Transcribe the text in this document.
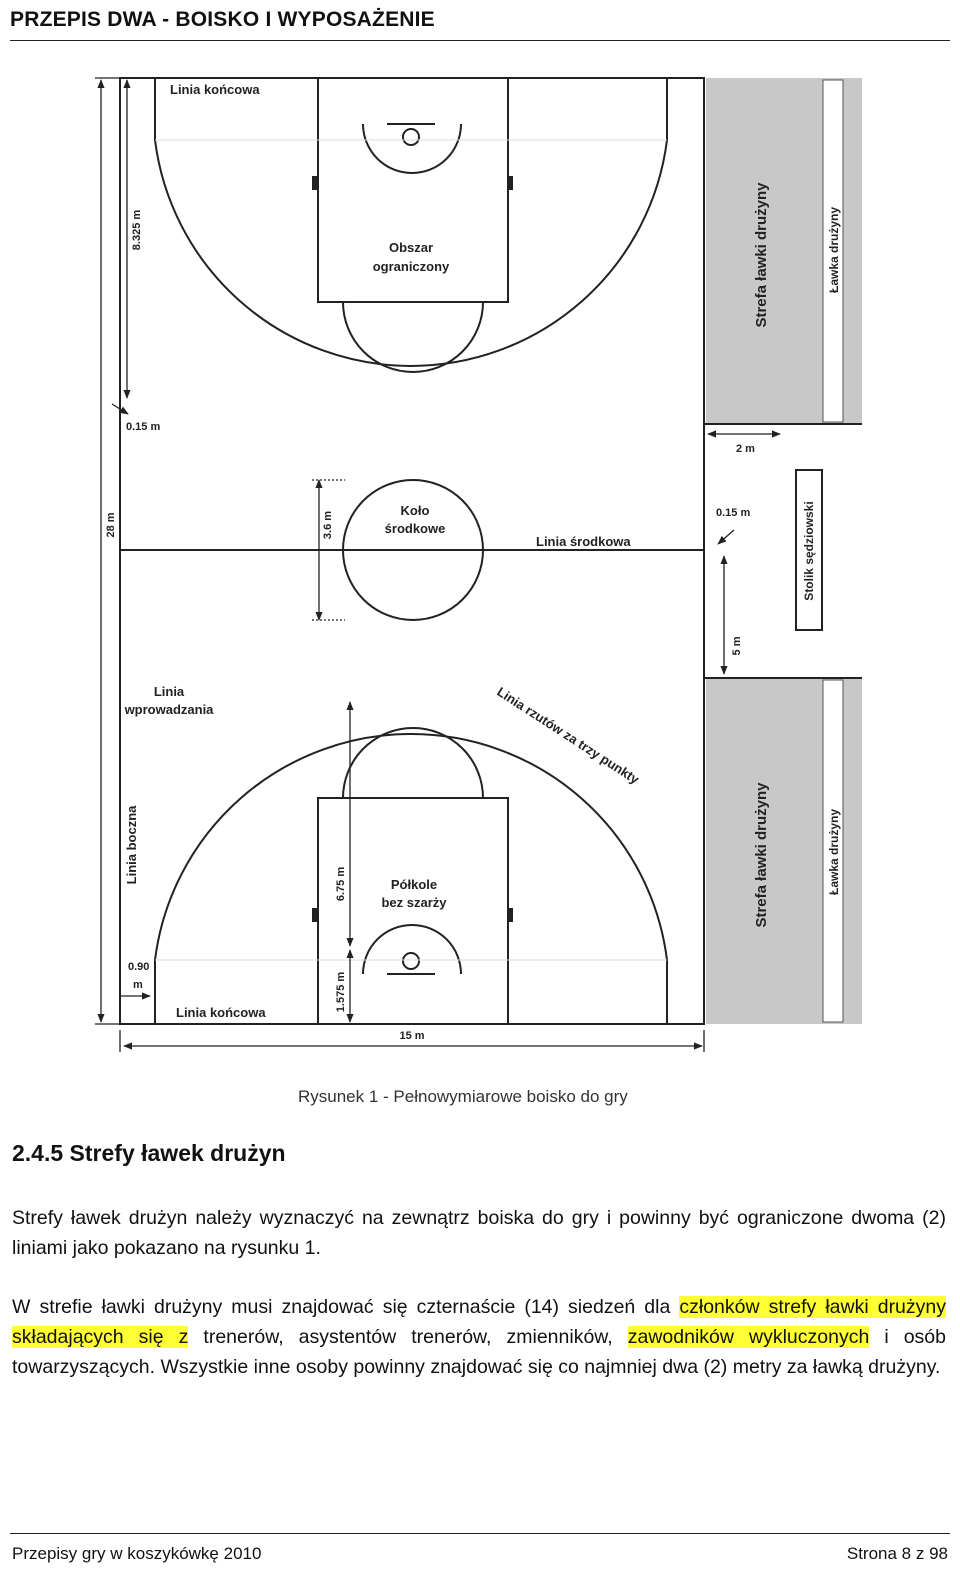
PRZEPIS DWA - BOISKO I WYPOSAŻENIE
Linia końcowa
Linia końcowa
Obszar
ograniczony
Koło
środkowe
Linia środkowa
Linia
wprowadzania
Półkole
bez szarży
Linia boczna
Linia rzutów za trzy punkty
Strefa ławki drużyny
Strefa ławki drużyny
Ławka drużyny
Ławka drużyny
Stolik sędziowski
8.325 m
0.15 m
28 m	3.6 m
2 m
0.15 m
5 m
6.75 m
1.575 m
0.90
m
15 m
Rysunek 1 - Pełnowymiarowe boisko do gry
2.4.5 Strefy ławek drużyn
Strefy ławek drużyn należy wyznaczyć na zewnątrz boiska do gry i powinny być ograniczone dwoma (2) liniami jako pokazano na rysunku 1.
W strefie ławki drużyny musi znajdować się czternaście (14) siedzeń dla członków strefy ławki drużyny składających się z trenerów, asystentów trenerów, zmienników, zawodników wykluczonych i osób towarzyszących. Wszystkie inne osoby powinny znajdować się co najmniej dwa (2) metry za ławką drużyny.
Przepisy gry w koszykówkę 2010	Strona 8 z 98
